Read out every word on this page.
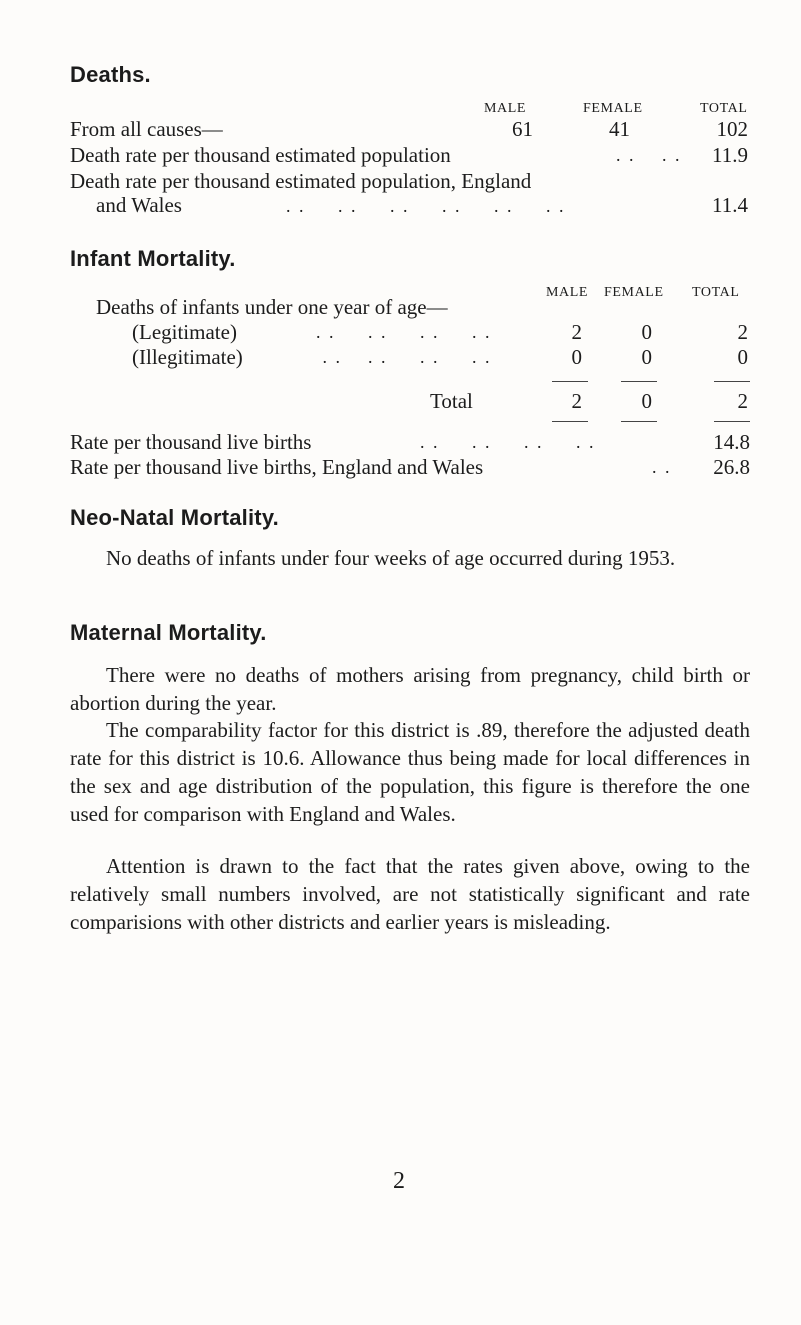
Deaths.
MALE	FEMALE	TOTAL
From all causes—	61	41	102
Death rate per thousand estimated population	. . . .	11.9
Death rate per thousand estimated population, England
and Wales	. .     . .     . .     . .     . .     . .	11.4
Infant Mortality.
MALE FEMALE TOTAL
Deaths of infants under one year of age—
(Legitimate)	. .     . .     . .     . .	2	0	2
(Illegitimate)	. .    . .     . .     . .	0	0	0
Total	2	0	2
Rate per thousand live births	. .     . .     . .     . .	14.8
Rate per thousand live births, England and Wales	. .	26.8
Neo-Natal Mortality.
No deaths of infants under four weeks of age occurred during 1953.
Maternal Mortality.
There were no deaths of mothers arising from pregnancy, child birth or abortion during the year.
The comparability factor for this district is .89, therefore the adjusted death rate for this district is 10.6. Allowance thus being made for local differences in the sex and age distribution of the population, this figure is therefore the one used for comparison with England and Wales.
Attention is drawn to the fact that the rates given above, owing to the relatively small numbers involved, are not statistically significant and rate comparisions with other districts and earlier years is misleading.
2
